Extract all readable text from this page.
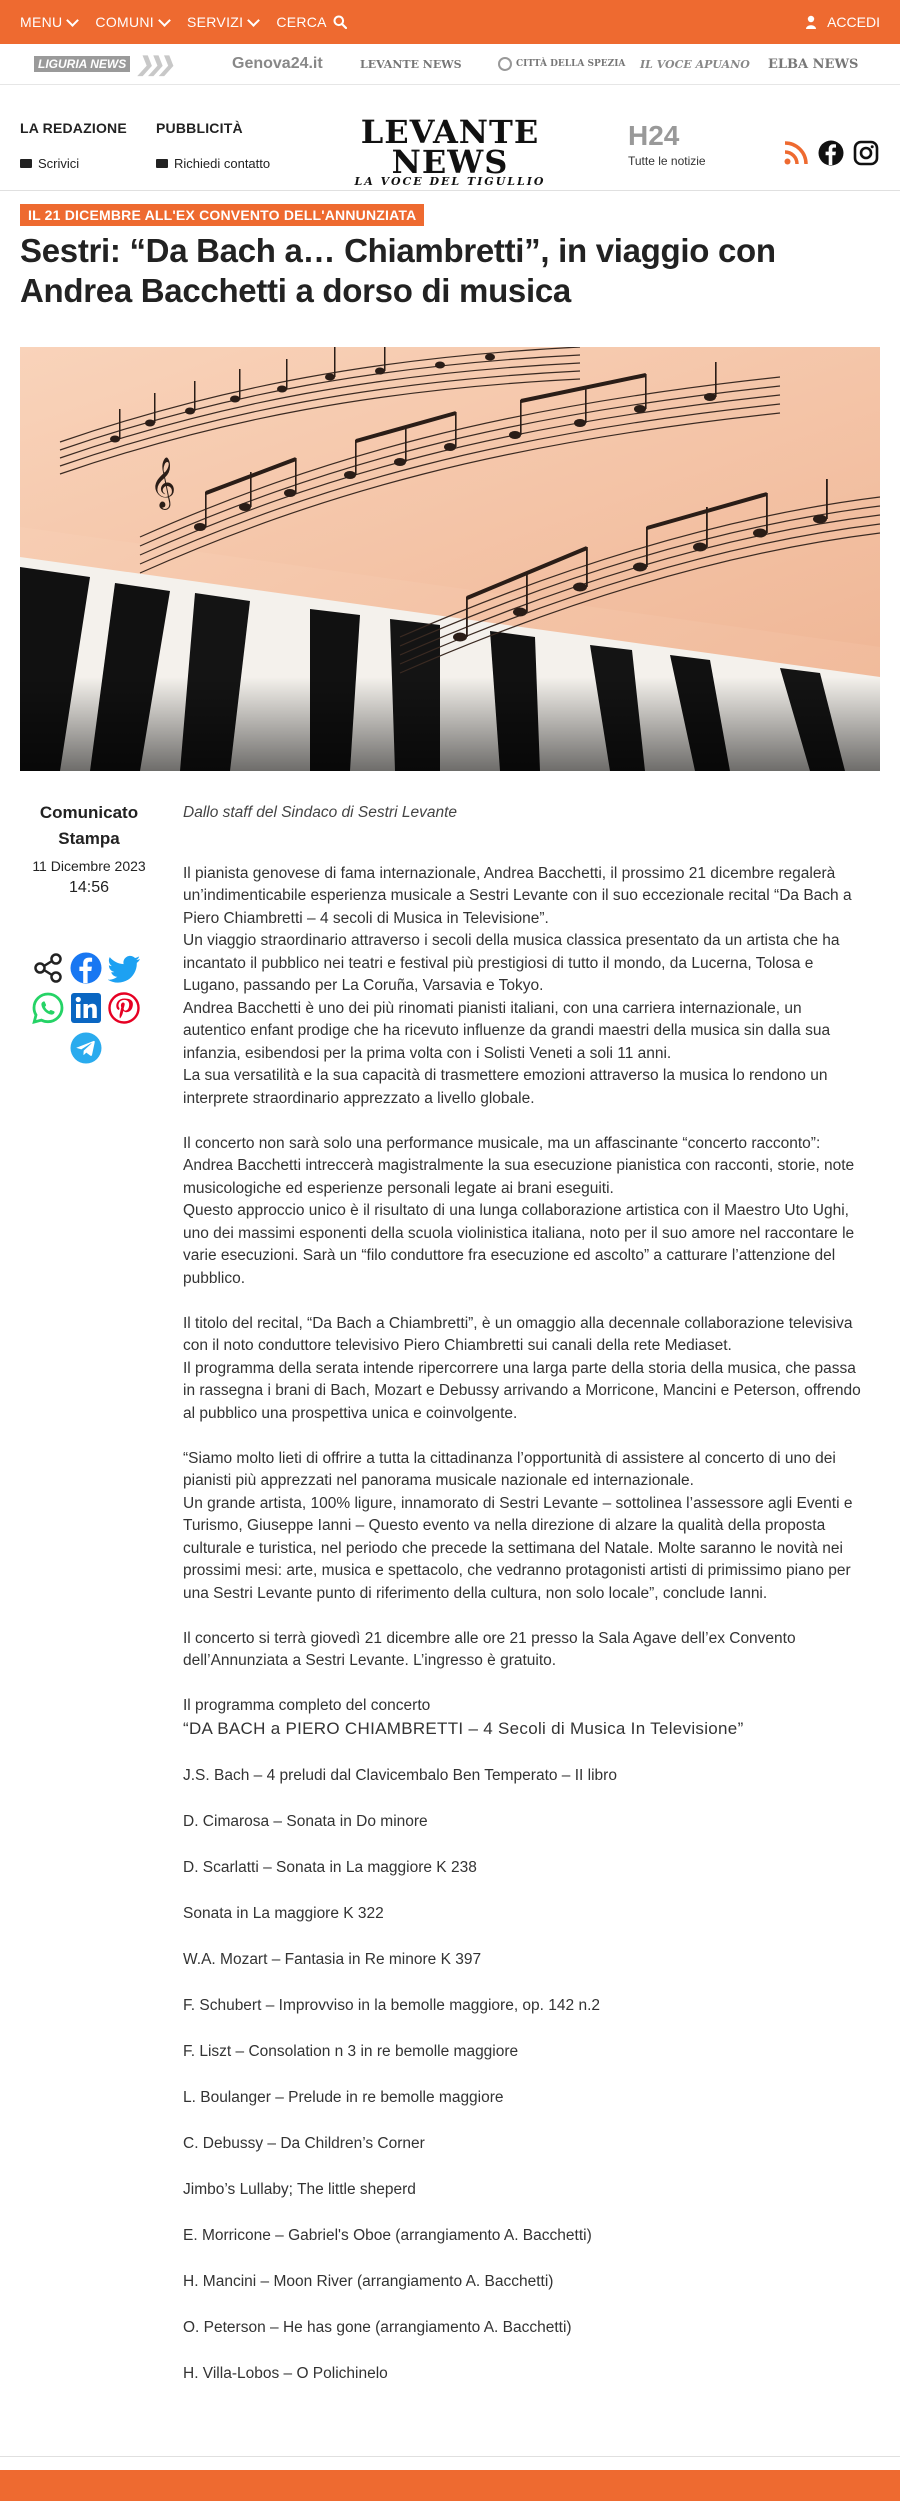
MENU COMUNI SERVIZI CERCA	ACCEDI
LIGURIA NEWS ❯❯❯	Genova24.it	LEVANTE NEWS	CITTÀ DELLA SPEZIA IL VOCE APUANO ELBA NEWS
LA REDAZIONE
Scrivici
PUBBLICITÀ
Richiedi contatto
LEVANTE NEWS
LA VOCE DEL TIGULLIO
H24
Tutte le notizie
IL 21 DICEMBRE ALL'EX CONVENTO DELL'ANNUNZIATA
Sestri: “Da Bach a… Chiambretti”, in viaggio con Andrea Bacchetti a dorso di musica
𝄞
Comunicato Stampa
11 Dicembre 2023
14:56

Dallo staff del Sindaco di Sestri Levante

Il pianista genovese di fama internazionale, Andrea Bacchetti, il prossimo 21 dicembre regalerà un’indimenticabile esperienza musicale a Sestri Levante con il suo eccezionale recital “Da Bach a Piero Chiambretti – 4 secoli di Musica in Televisione”.
Un viaggio straordinario attraverso i secoli della musica classica presentato da un artista che ha incantato il pubblico nei teatri e festival più prestigiosi di tutto il mondo, da Lucerna, Tolosa e Lugano, passando per La Coruña, Varsavia e Tokyo.
Andrea Bacchetti è uno dei più rinomati pianisti italiani, con una carriera internazionale, un autentico enfant prodige che ha ricevuto influenze da grandi maestri della musica sin dalla sua infanzia, esibendosi per la prima volta con i Solisti Veneti a soli 11 anni.
La sua versatilità e la sua capacità di trasmettere emozioni attraverso la musica lo rendono un interprete straordinario apprezzato a livello globale.

Il concerto non sarà solo una performance musicale, ma un affascinante “concerto racconto”: Andrea Bacchetti intreccerà magistralmente la sua esecuzione pianistica con racconti, storie, note musicologiche ed esperienze personali legate ai brani eseguiti.
Questo approccio unico è il risultato di una lunga collaborazione artistica con il Maestro Uto Ughi, uno dei massimi esponenti della scuola violinistica italiana, noto per il suo amore nel raccontare le varie esecuzioni. Sarà un “filo conduttore fra esecuzione ed ascolto” a catturare l’attenzione del pubblico.

Il titolo del recital, “Da Bach a Chiambretti”, è un omaggio alla decennale collaborazione televisiva con il noto conduttore televisivo Piero Chiambretti sui canali della rete Mediaset.
Il programma della serata intende ripercorrere una larga parte della storia della musica, che passa in rassegna i brani di Bach, Mozart e Debussy arrivando a Morricone, Mancini e Peterson, offrendo al pubblico una prospettiva unica e coinvolgente.

“Siamo molto lieti di offrire a tutta la cittadinanza l’opportunità di assistere al concerto di uno dei pianisti più apprezzati nel panorama musicale nazionale ed internazionale.
Un grande artista, 100% ligure, innamorato di Sestri Levante – sottolinea l’assessore agli Eventi e Turismo, Giuseppe Ianni – Questo evento va nella direzione di alzare la qualità della proposta culturale e turistica, nel periodo che precede la settimana del Natale. Molte saranno le novità nei prossimi mesi: arte, musica e spettacolo, che vedranno protagonisti artisti di primissimo piano per una Sestri Levante punto di riferimento della cultura, non solo locale”, conclude Ianni.

Il concerto si terrà giovedì 21 dicembre alle ore 21 presso la Sala Agave dell’ex Convento dell’Annunziata a Sestri Levante. L’ingresso è gratuito.

Il programma completo del concerto
“DA BACH a PIERO CHIAMBRETTI – 4 Secoli di Musica In Televisione”
J.S. Bach – 4 preludi dal Clavicembalo Ben Temperato – II libro
D. Cimarosa – Sonata in Do minore
D. Scarlatti – Sonata in La maggiore K 238
Sonata in La maggiore K 322
W.A. Mozart – Fantasia in Re minore K 397
F. Schubert – Improvviso in la bemolle maggiore, op. 142 n.2
F. Liszt – Consolation n 3 in re bemolle maggiore
L. Boulanger – Prelude in re bemolle maggiore
C. Debussy – Da Children’s Corner
Jimbo’s Lullaby; The little sheperd
E. Morricone – Gabriel's Oboe (arrangiamento A. Bacchetti)
H. Mancini – Moon River (arrangiamento A. Bacchetti)
O. Peterson – He has gone (arrangiamento A. Bacchetti)
H. Villa-Lobos – O Polichinelo
